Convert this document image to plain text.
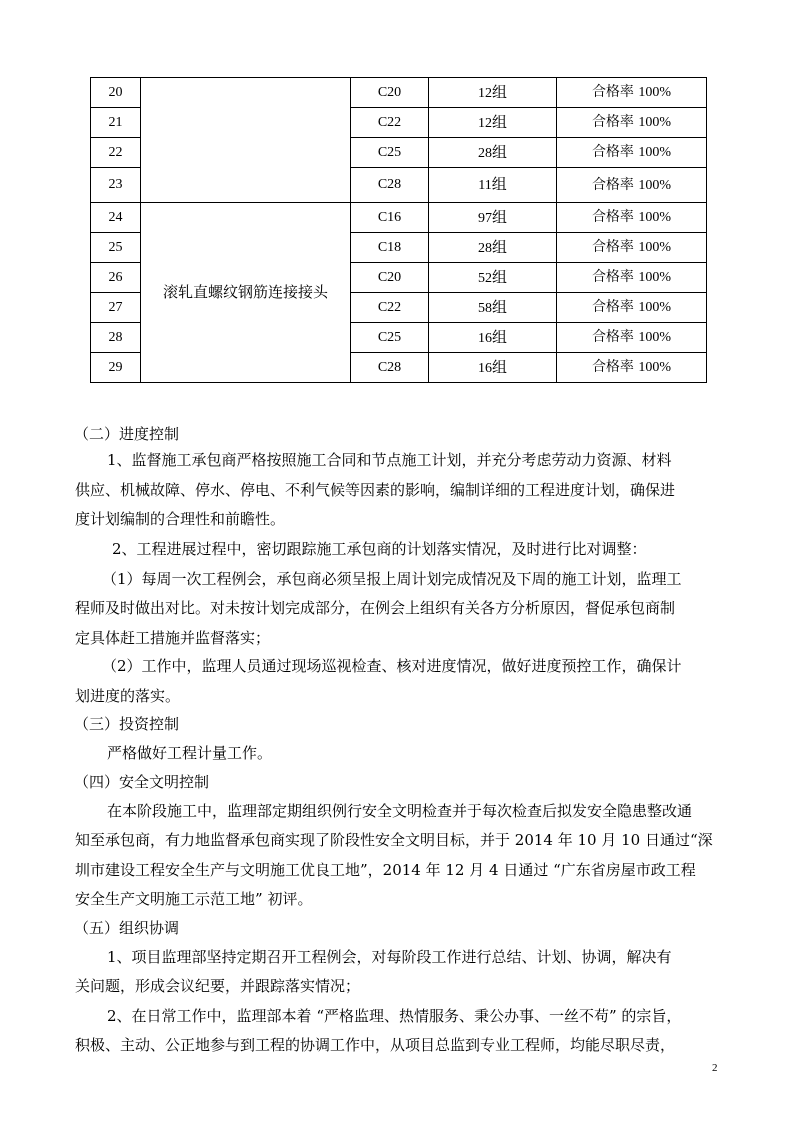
20		C20	12组	合格率 100%
21		C22	12组	合格率 100%
22		C25	28组	合格率 100%
23		C28	11组	合格率 100%
24	滚轧直螺纹钢筋连接接头	C16	97组	合格率 100%
25		C18	28组	合格率 100%
26		C20	52组	合格率 100%
27		C22	58组	合格率 100%
28		C25	16组	合格率 100%
29		C28	16组	合格率 100%

（二）进度控制

1、监督施工承包商严格按照施工合同和节点施工计划，并充分考虑劳动力资源、材料

供应、机械故障、停水、停电、不利气候等因素的影响，编制详细的工程进度计划，确保进

度计划编制的合理性和前瞻性。

2、工程进展过程中，密切跟踪施工承包商的计划落实情况，及时进行比对调整：

（1）每周一次工程例会，承包商必须呈报上周计划完成情况及下周的施工计划，监理工

程师及时做出对比。对未按计划完成部分，在例会上组织有关各方分析原因，督促承包商制

定具体赶工措施并监督落实；

（2）工作中，监理人员通过现场巡视检查、核对进度情况，做好进度预控工作，确保计

划进度的落实。

（三）投资控制

严格做好工程计量工作。

（四）安全文明控制

在本阶段施工中，监理部定期组织例行安全文明检查并于每次检查后拟发安全隐患整改通

知至承包商，有力地监督承包商实现了阶段性安全文明目标，并于 2014 年 10 月 10 日通过“深

圳市建设工程安全生产与文明施工优良工地”，2014 年 12 月 4 日通过 “广东省房屋市政工程

安全生产文明施工示范工地” 初评。

（五）组织协调

1、项目监理部坚持定期召开工程例会，对每阶段工作进行总结、计划、协调，解决有

关问题，形成会议纪要，并跟踪落实情况；

2、在日常工作中，监理部本着 “严格监理、热情服务、秉公办事、一丝不苟” 的宗旨，

积极、主动、公正地参与到工程的协调工作中，从项目总监到专业工程师，均能尽职尽责，

2
